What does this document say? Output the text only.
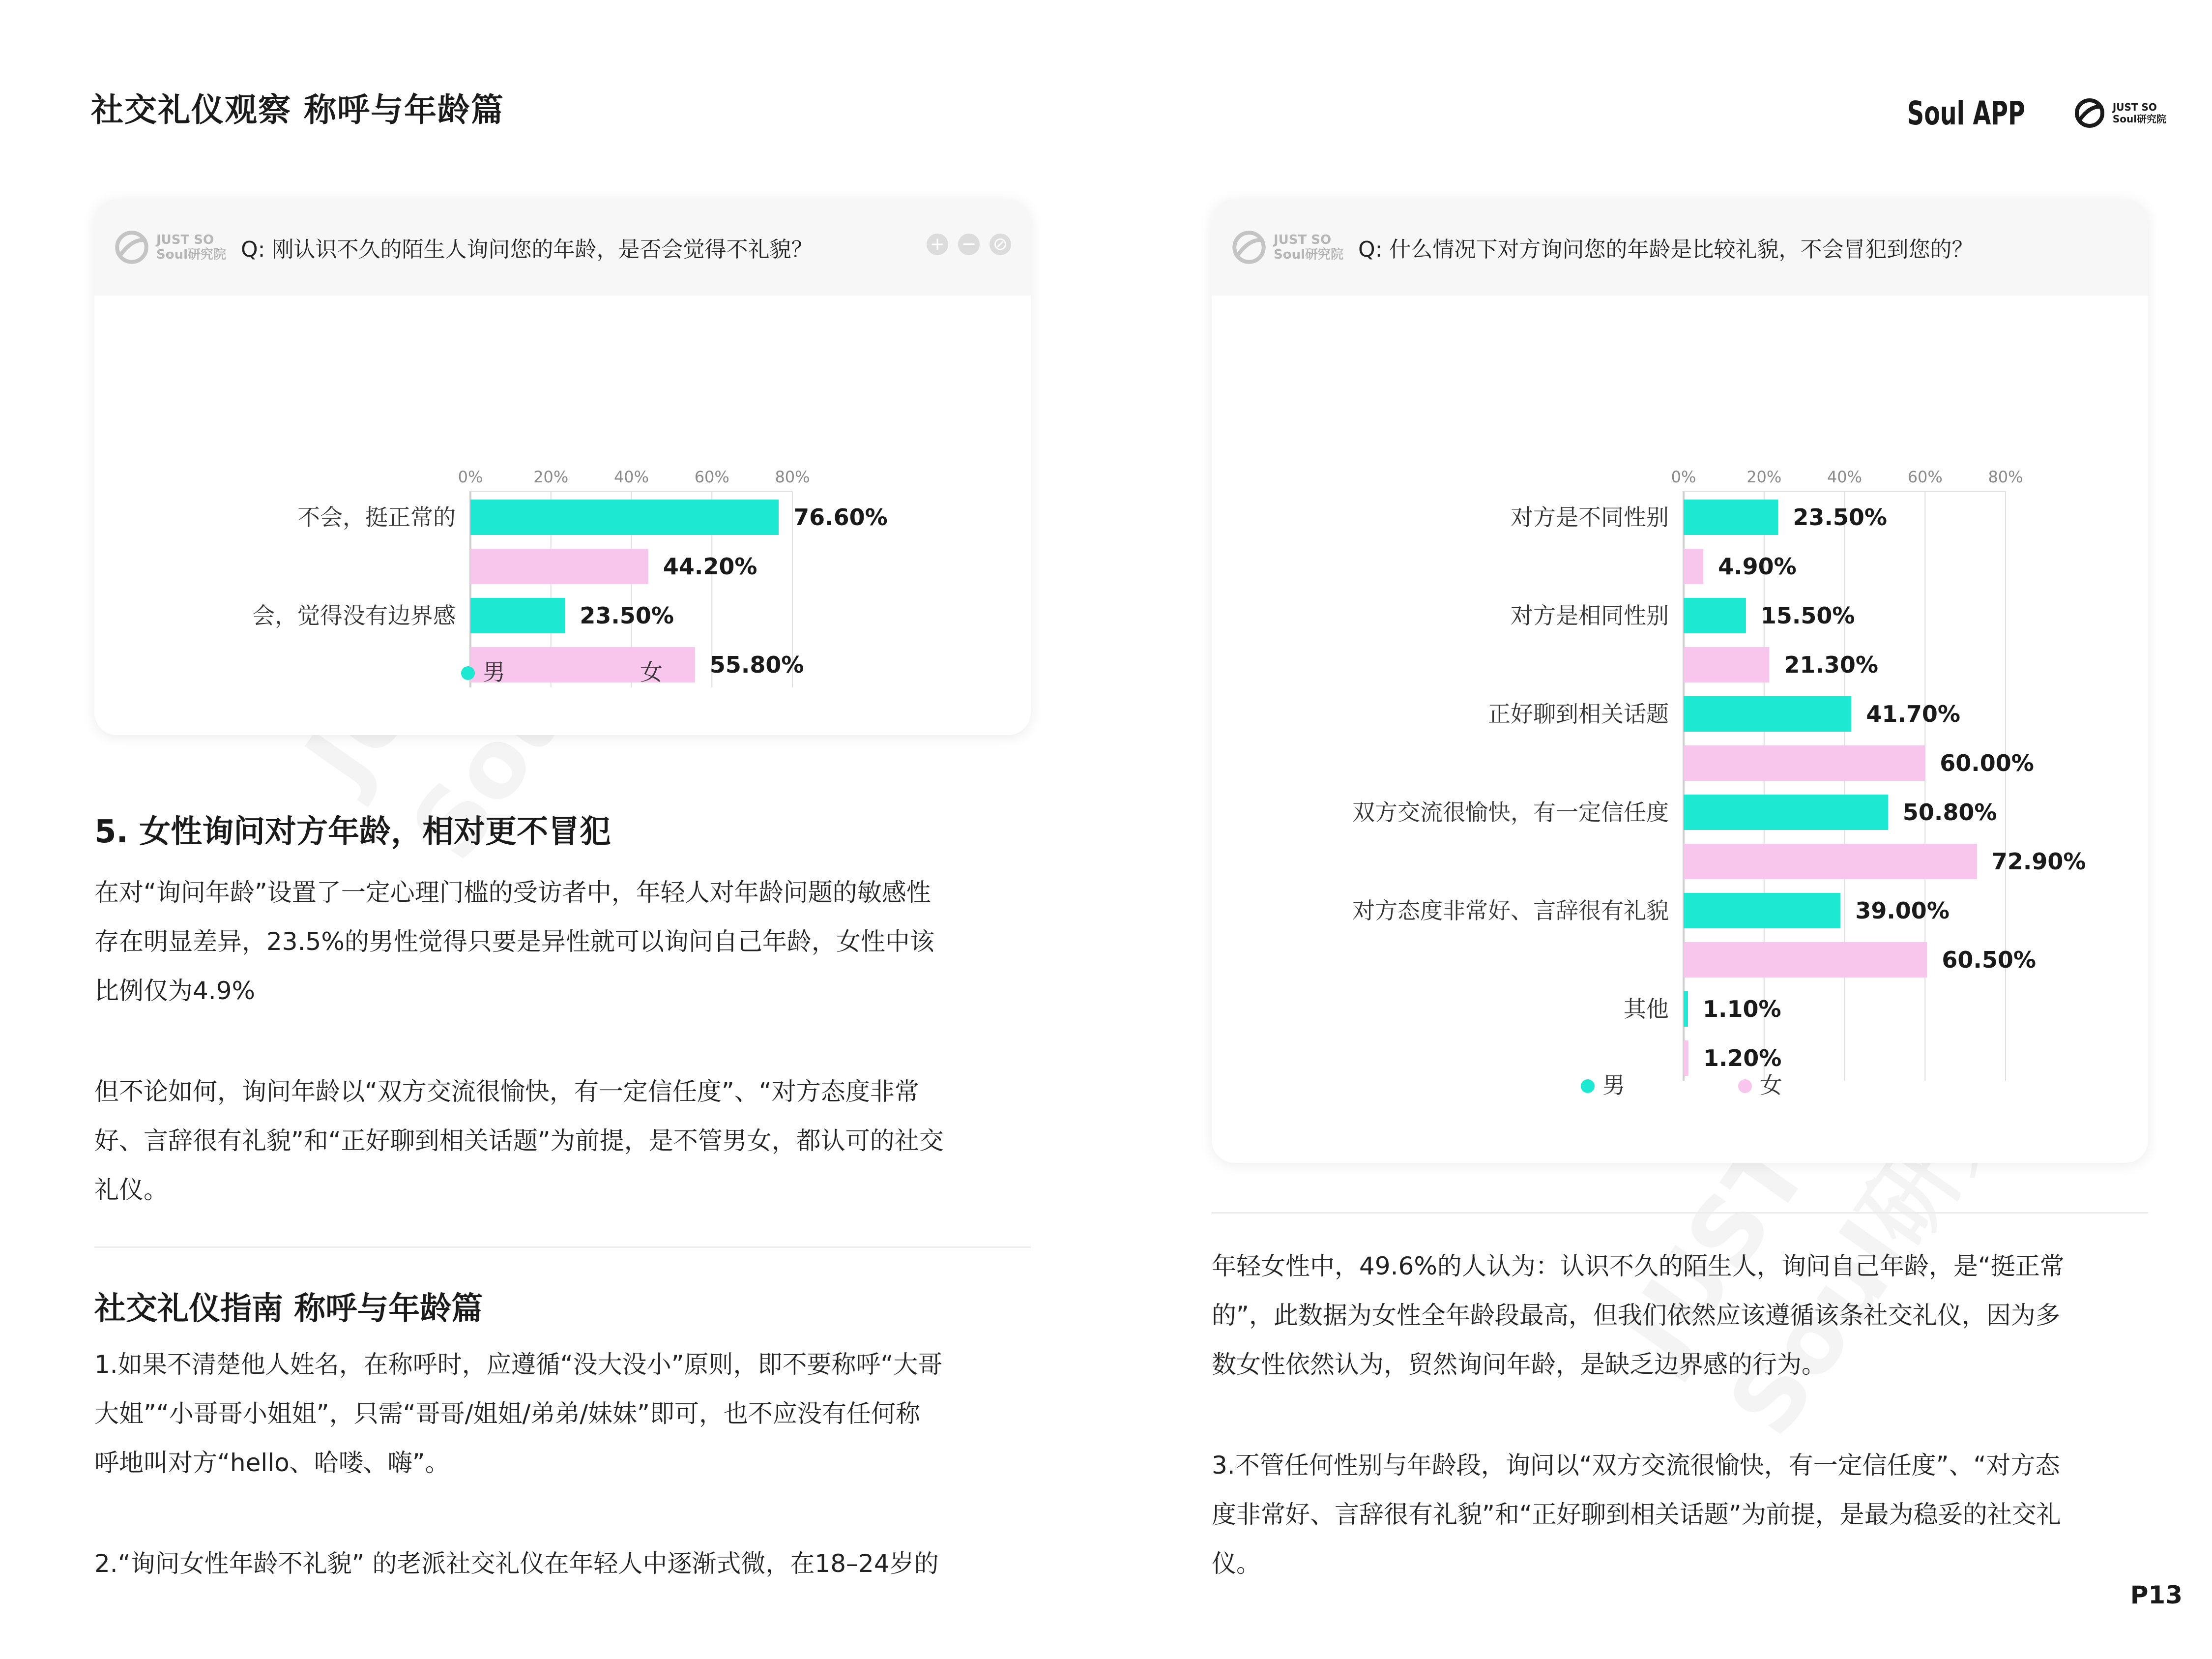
社交礼仪观察 称呼与年龄篇	Soul APP	JUST SO
Soul研究院
JUST SO
Soul研究院 Q: 刚认识不久的陌生人询问您的年龄，是否会觉得不礼貌？	+ − ⊘
0%	20%	40%	60%	80%
不会，挺正常的	76.60%
44.20%
会，觉得没有边界感	23.50%
55.80%
男	女
JUST SO
Soul研究院 Q: 什么情况下对方询问您的年龄是比较礼貌，不会冒犯到您的？
0%	20%	40%	60%	80%
对方是不同性别	23.50%
4.90%
对方是相同性别	15.50%
21.30%
正好聊到相关话题	41.70%
60.00%
双方交流很愉快，有一定信任度	50.80%
72.90%
对方态度非常好、言辞很有礼貌	39.00%
60.50%
其他 1.10%
1.20%
男	女
5. 女性询问对方年龄，相对更不冒犯
在对“询问年龄”设置了一定心理门槛的受访者中，年轻人对年龄问题的敏感性
存在明显差异，23.5%的男性觉得只要是异性就可以询问自己年龄，女性中该
比例仅为4.9%
但不论如何，询问年龄以“双方交流很愉快，有一定信任度”、“对方态度非常
好、言辞很有礼貌”和“正好聊到相关话题”为前提，是不管男女，都认可的社交
礼仪。
社交礼仪指南 称呼与年龄篇
1.如果不清楚他人姓名，在称呼时，应遵循“没大没小”原则，即不要称呼“大哥
大姐”“小哥哥小姐姐”，只需“哥哥/姐姐/弟弟/妹妹”即可，也不应没有任何称
呼地叫对方“hello、哈喽、嗨”。
2.“询问女性年龄不礼貌” 的老派社交礼仪在年轻人中逐渐式微，在18–24岁的
年轻女性中，49.6%的人认为：认识不久的陌生人，询问自己年龄，是“挺正常
的”，此数据为女性全年龄段最高，但我们依然应该遵循该条社交礼仪，因为多
数女性依然认为，贸然询问年龄，是缺乏边界感的行为。
3.不管任何性别与年龄段，询问以“双方交流很愉快，有一定信任度”、“对方态
度非常好、言辞很有礼貌”和“正好聊到相关话题”为前提，是最为稳妥的社交礼
仪。
P13
